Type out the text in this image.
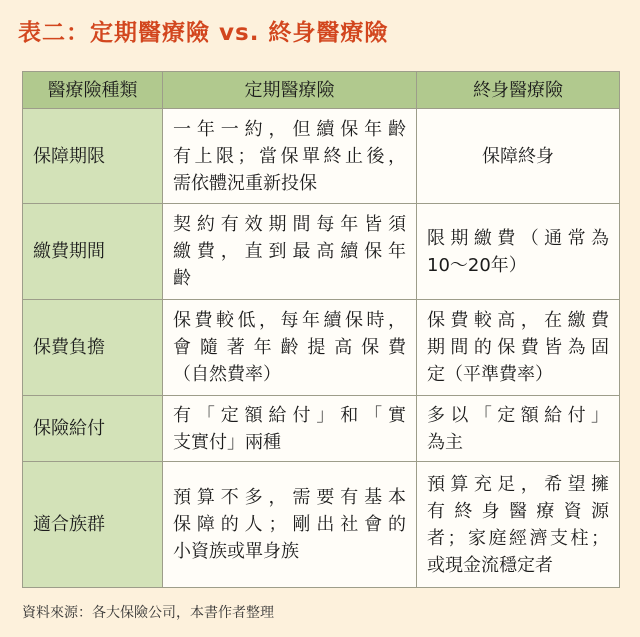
表二：定期醫療險 vs. 終身醫療險
醫療險種類	定期醫療險	終身醫療險
保障期限	一年一約，但續保年齡
有上限；當保單終止後，
需依體況重新投保	保障終身
繳費期間	契約有效期間每年皆須
繳費，直到最高續保年
齡	限期繳費（通常為
10～20年）
保費負擔	保費較低，每年續保時，
會隨著年齡提高保費
（自然費率）	保費較高，在繳費
期間的保費皆為固
定（平準費率）
保險給付	有「定額給付」和「實
支實付」兩種	多以「定額給付」
為主
適合族群	預算不多，需要有基本
保障的人；剛出社會的
小資族或單身族	預算充足，希望擁
有終身醫療資源
者；家庭經濟支柱；
或現金流穩定者
資料來源：各大保險公司，本書作者整理
